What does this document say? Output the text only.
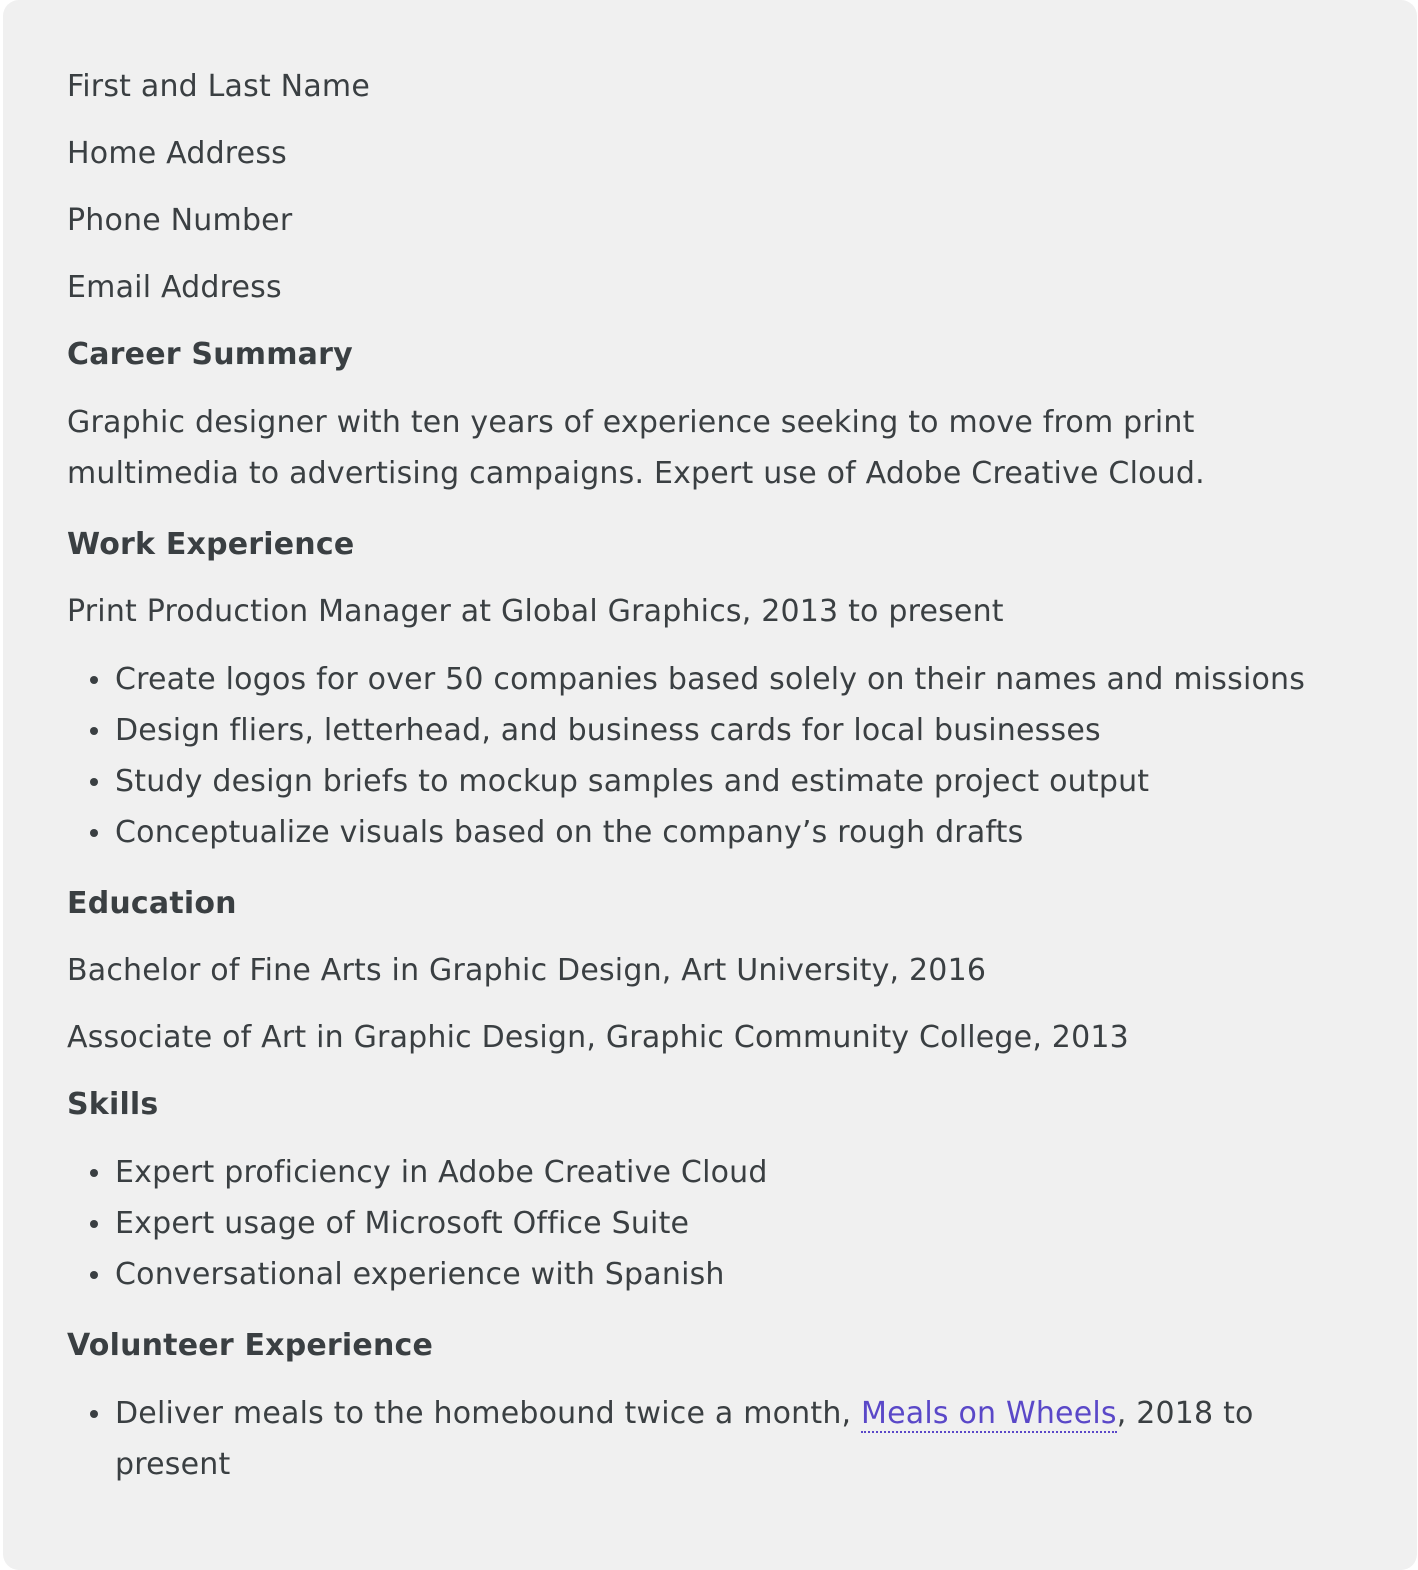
First and Last Name
Home Address
Phone Number
Email Address
Career Summary

Graphic designer with ten years of experience seeking to move from print multimedia to advertising campaigns. Expert use of Adobe Creative Cloud.

Work Experience
Print Production Manager at Global Graphics, 2013 to present
Create logos for over 50 companies based solely on their names and missions
Design fliers, letterhead, and business cards for local businesses
Study design briefs to mockup samples and estimate project output
Conceptualize visuals based on the company’s rough drafts
Education
Bachelor of Fine Arts in Graphic Design, Art University, 2016
Associate of Art in Graphic Design, Graphic Community College, 2013
Skills
Expert proficiency in Adobe Creative Cloud
Expert usage of Microsoft Office Suite
Conversational experience with Spanish
Volunteer Experience
Deliver meals to the homebound twice a month, Meals on Wheels, 2018 to present
